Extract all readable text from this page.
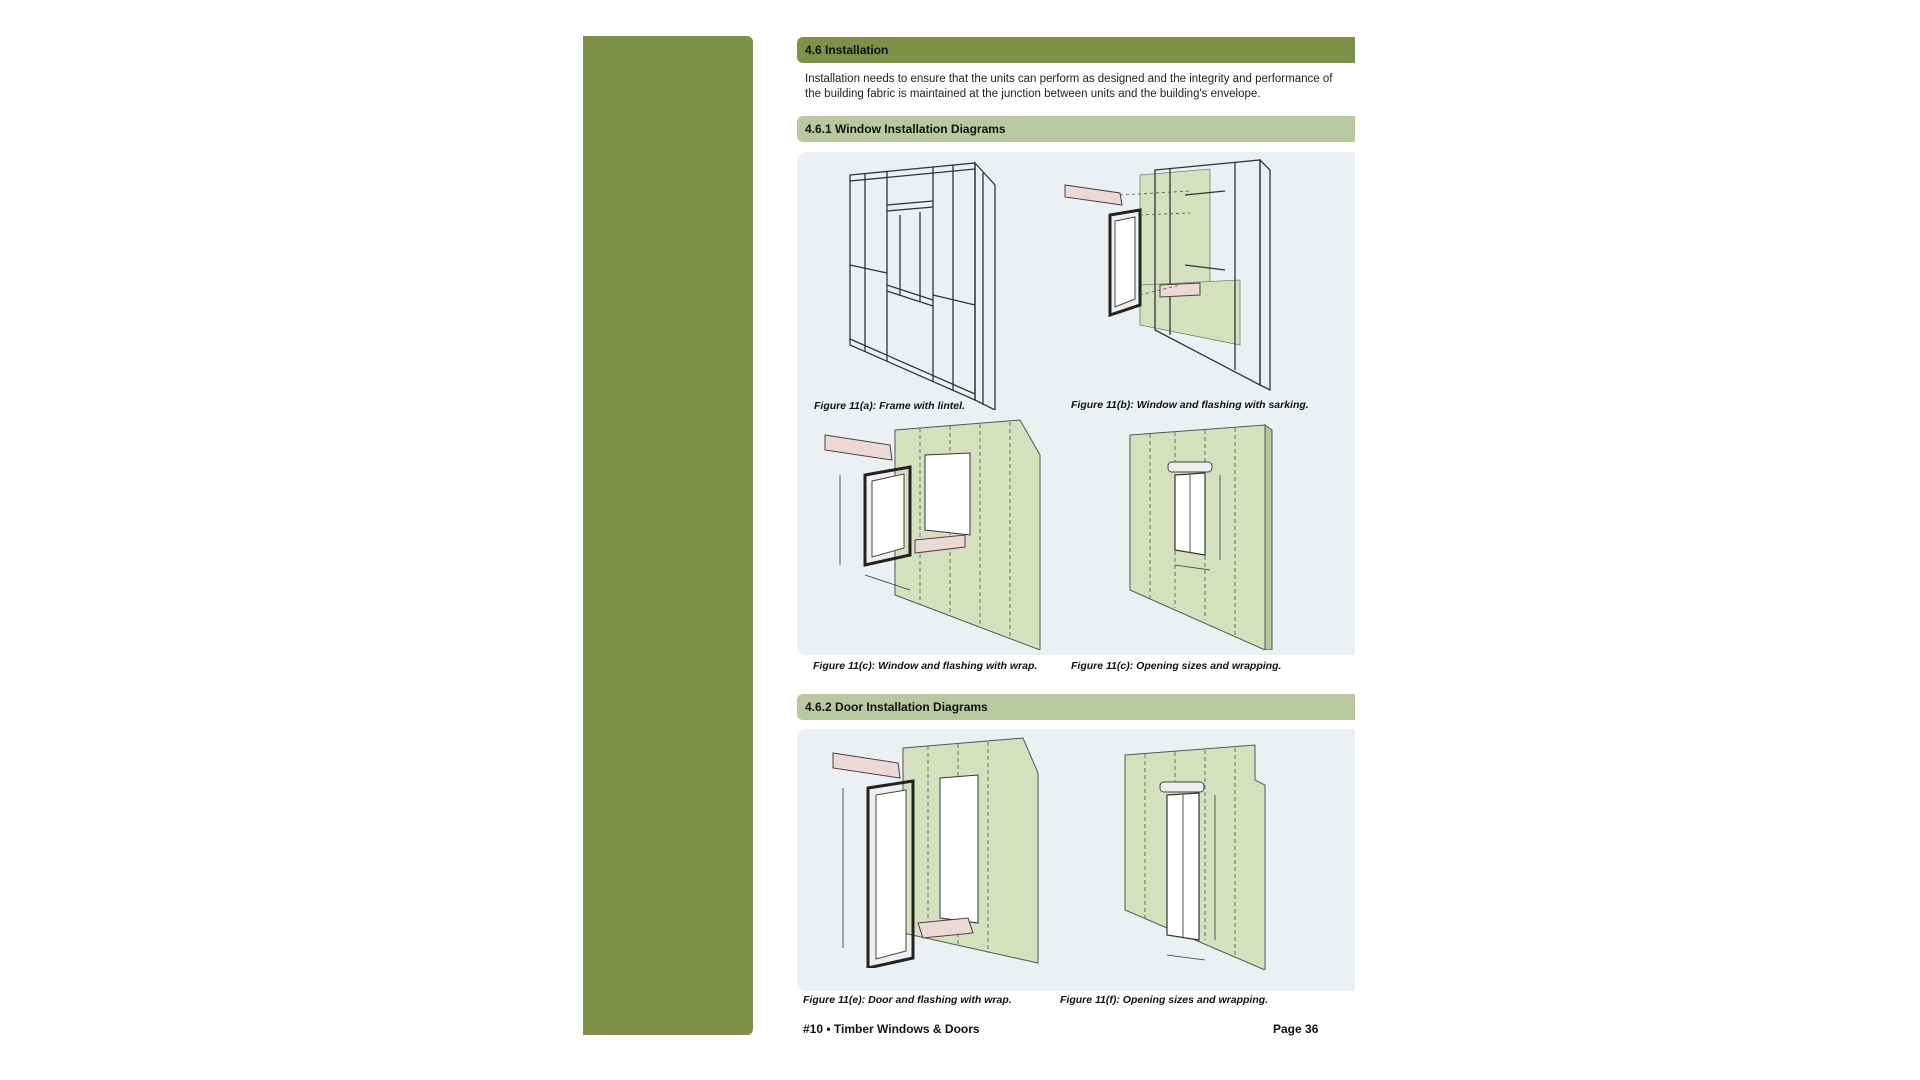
4.6 Installation
Installation needs to ensure that the units can perform as designed and the integrity and performance of the building fabric is maintained at the junction between units and the building's envelope.
4.6.1 Window Installation Diagrams
Figure 11(a): Frame with lintel.	Figure 11(b): Window and flashing with sarking.
Figure 11(c): Window and flashing with wrap.	Figure 11(c): Opening sizes and wrapping.
4.6.2 Door Installation Diagrams
Figure 11(e): Door and flashing with wrap.	Figure 11(f): Opening sizes and wrapping.
#10 • Timber Windows & Doors	Page 36
